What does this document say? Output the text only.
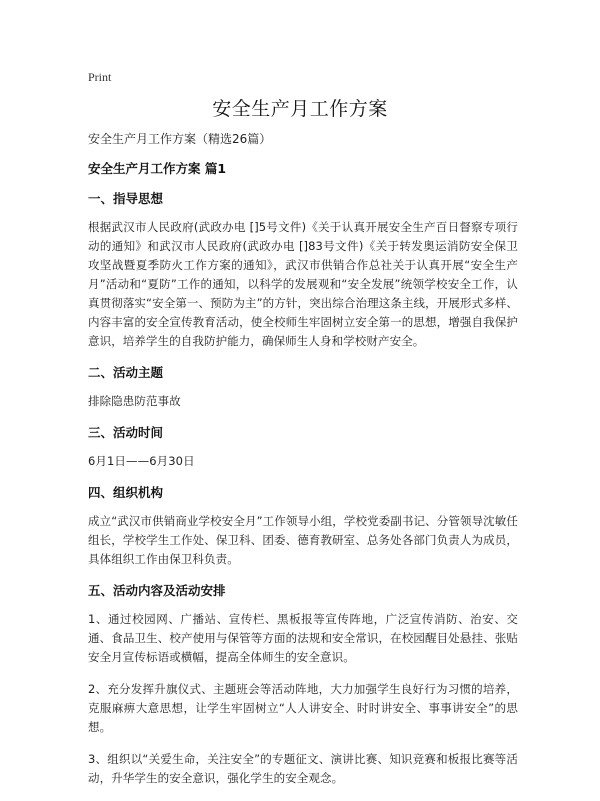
Print
安全生产月工作方案

安全生产月工作方案（精选26篇）

安全生产月工作方案 篇1

一、指导思想

根据武汉市人民政府(武政办电 []5号文件)《关于认真开展安全生产百日督察专项行动的通知》和武汉市人民政府(武政办电 []83号文件)《关于转发奥运消防安全保卫攻坚战暨夏季防火工作方案的通知》，武汉市供销合作总社关于认真开展“安全生产月”活动和“夏防”工作的通知，以科学的发展观和“安全发展”统领学校安全工作，认真贯彻落实“安全第一、预防为主”的方针，突出综合治理这条主线，开展形式多样、内容丰富的安全宣传教育活动，使全校师生牢固树立安全第一的思想，增强自我保护意识，培养学生的自我防护能力，确保师生人身和学校财产安全。

二、活动主题

排除隐患防范事故

三、活动时间

6月1日——6月30日

四、组织机构

成立“武汉市供销商业学校安全月”工作领导小组，学校党委副书记、分管领导沈敏任组长，学校学生工作处、保卫科、团委、德育教研室、总务处各部门负责人为成员，具体组织工作由保卫科负责。

五、活动内容及活动安排

1、通过校园网、广播站、宣传栏、黑板报等宣传阵地，广泛宣传消防、治安、交通、食品卫生、校产使用与保管等方面的法规和安全常识，在校园醒目处悬挂、张贴安全月宣传标语或横幅，提高全体师生的安全意识。

2、充分发挥升旗仪式、主题班会等活动阵地，大力加强学生良好行为习惯的培养，克服麻痹大意思想，让学生牢固树立“人人讲安全、时时讲安全、事事讲安全”的思想。

3、组织以“关爱生命，关注安全”的专题征文、演讲比赛、知识竞赛和板报比赛等活动，升华学生的安全意识，强化学生的安全观念。
